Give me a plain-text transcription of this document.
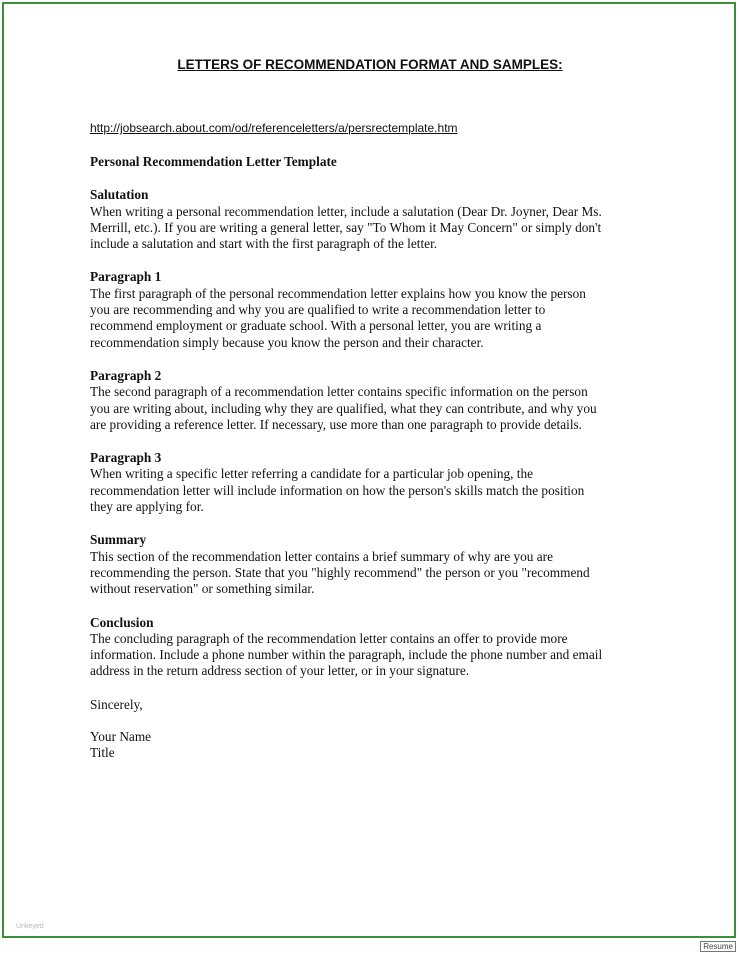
LETTERS OF RECOMMENDATION FORMAT AND SAMPLES:
http://jobsearch.about.com/od/referenceletters/a/persrectemplate.htm
Personal Recommendation Letter Template
Salutation
When writing a personal recommendation letter, include a salutation (Dear Dr. Joyner, Dear Ms.
Merrill, etc.). If you are writing a general letter, say "To Whom it May Concern" or simply don't
include a salutation and start with the first paragraph of the letter.
Paragraph 1
The first paragraph of the personal recommendation letter explains how you know the person
you are recommending and why you are qualified to write a recommendation letter to
recommend employment or graduate school. With a personal letter, you are writing a
recommendation simply because you know the person and their character.
Paragraph 2
The second paragraph of a recommendation letter contains specific information on the person
you are writing about, including why they are qualified, what they can contribute, and why you
are providing a reference letter. If necessary, use more than one paragraph to provide details.
Paragraph 3
When writing a specific letter referring a candidate for a particular job opening, the
recommendation letter will include information on how the person's skills match the position
they are applying for.
Summary
This section of the recommendation letter contains a brief summary of why are you are
recommending the person. State that you "highly recommend" the person or you "recommend
without reservation" or something similar.
Conclusion
The concluding paragraph of the recommendation letter contains an offer to provide more
information. Include a phone number within the paragraph, include the phone number and email
address in the return address section of your letter, or in your signature.
Sincerely,
Your Name
Title
Unkeyed
Resume
